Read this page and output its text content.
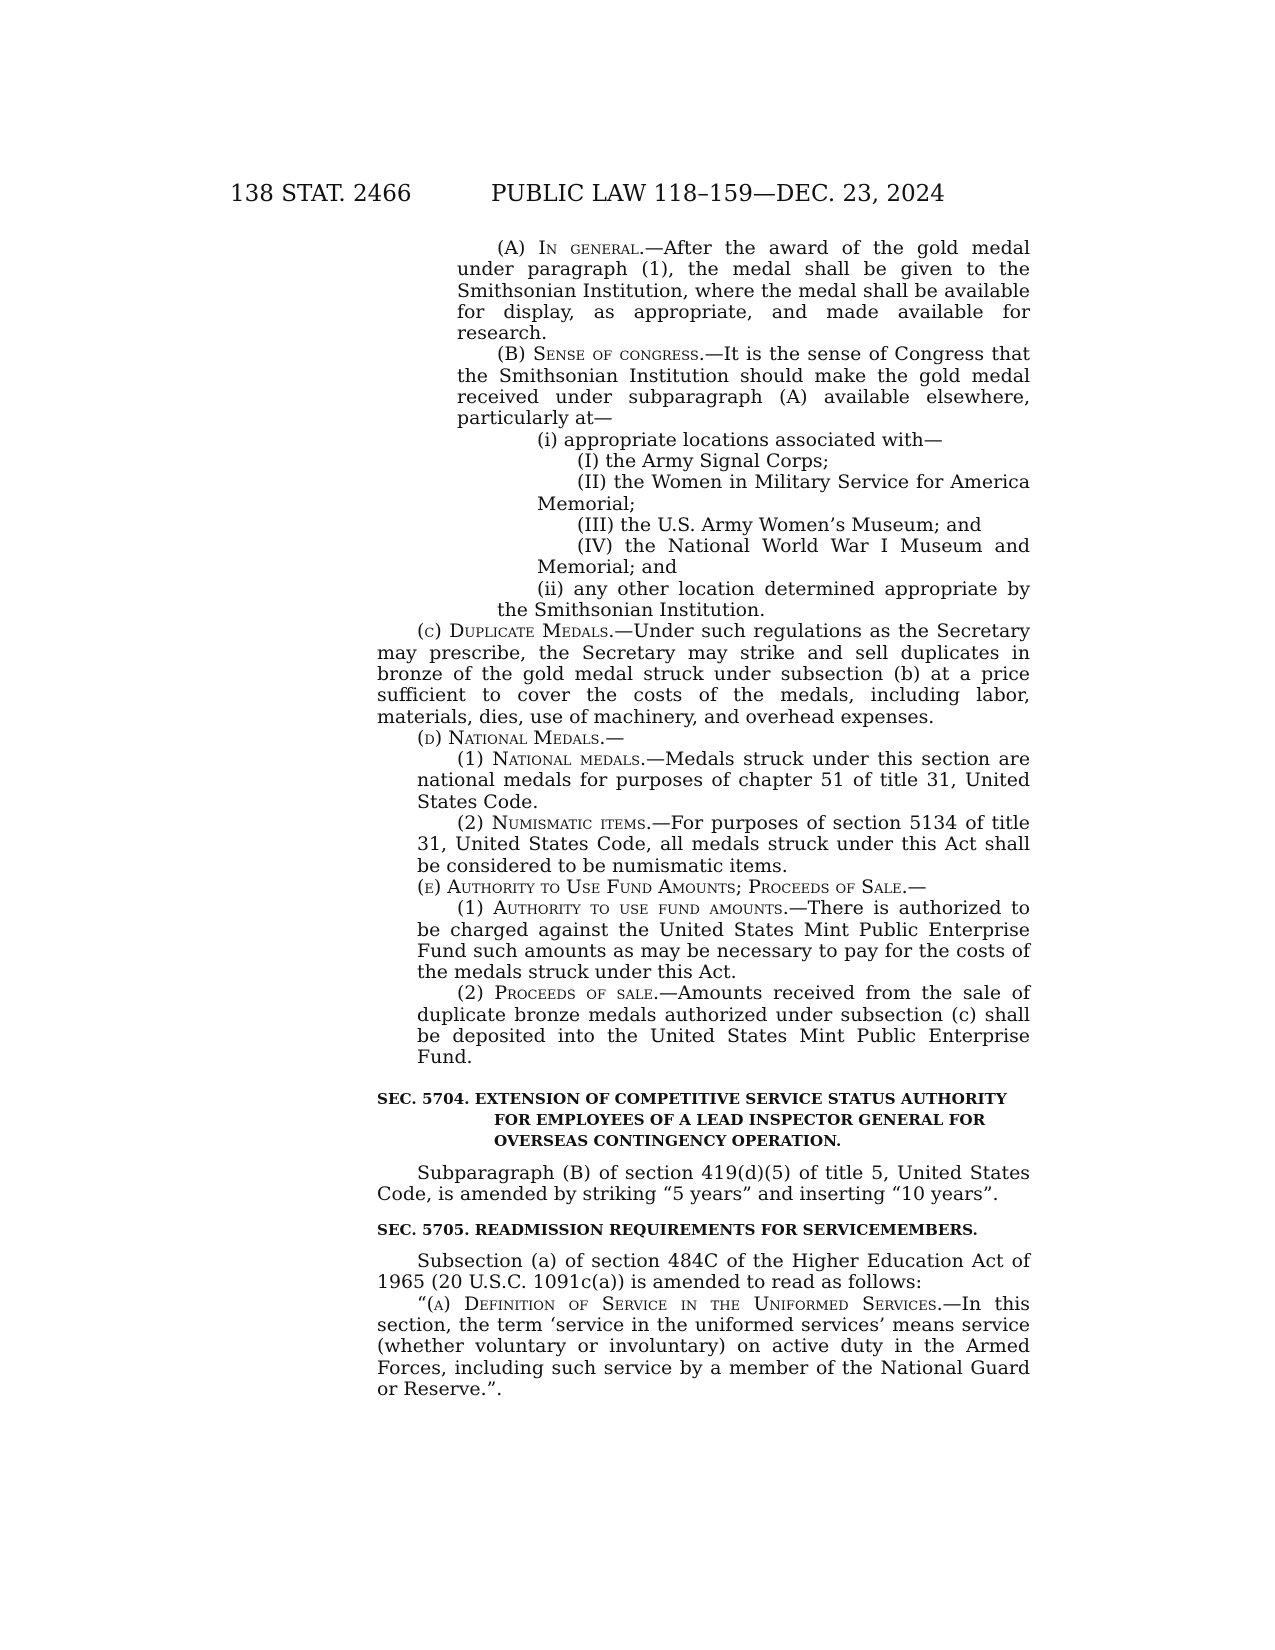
138 STAT. 2466	PUBLIC LAW 118–159—DEC. 23, 2024

(A) In general.—After the award of the gold medal under paragraph (1), the medal shall be given to the Smithsonian Institution, where the medal shall be available for display, as appropriate, and made available for research.

(B) Sense of congress.—It is the sense of Congress that the Smithsonian Institution should make the gold medal received under subparagraph (A) available elsewhere, particularly at—

(i) appropriate locations associated with—

(I) the Army Signal Corps;

(II) the Women in Military Service for America Memorial;

(III) the U.S. Army Women’s Museum; and

(IV) the National World War I Museum and Memorial; and

(ii) any other location determined appropriate by the Smithsonian Institution.

(c) Duplicate Medals.—Under such regulations as the Secretary may prescribe, the Secretary may strike and sell duplicates in bronze of the gold medal struck under subsection (b) at a price sufficient to cover the costs of the medals, including labor, materials, dies, use of machinery, and overhead expenses.

(d) National Medals.—

(1) National medals.—Medals struck under this section are national medals for purposes of chapter 51 of title 31, United States Code.

(2) Numismatic items.—For purposes of section 5134 of title 31, United States Code, all medals struck under this Act shall be considered to be numismatic items.

(e) Authority to Use Fund Amounts; Proceeds of Sale.—

(1) Authority to use fund amounts.—There is authorized to be charged against the United States Mint Public Enterprise Fund such amounts as may be necessary to pay for the costs of the medals struck under this Act.

(2) Proceeds of sale.—Amounts received from the sale of duplicate bronze medals authorized under subsection (c) shall be deposited into the United States Mint Public Enterprise Fund.

SEC. 5704. EXTENSION OF COMPETITIVE SERVICE STATUS AUTHORITY FOR EMPLOYEES OF A LEAD INSPECTOR GENERAL FOR OVERSEAS CONTINGENCY OPERATION.

Subparagraph (B) of section 419(d)(5) of title 5, United States Code, is amended by striking “5 years” and inserting “10 years”.

SEC. 5705. READMISSION REQUIREMENTS FOR SERVICEMEMBERS.

Subsection (a) of section 484C of the Higher Education Act of 1965 (20 U.S.C. 1091c(a)) is amended to read as follows:

“(a) Definition of Service in the Uniformed Services.—In this section, the term ‘service in the uniformed services’ means service (whether voluntary or involuntary) on active duty in the Armed Forces, including such service by a member of the National Guard or Reserve.”.
